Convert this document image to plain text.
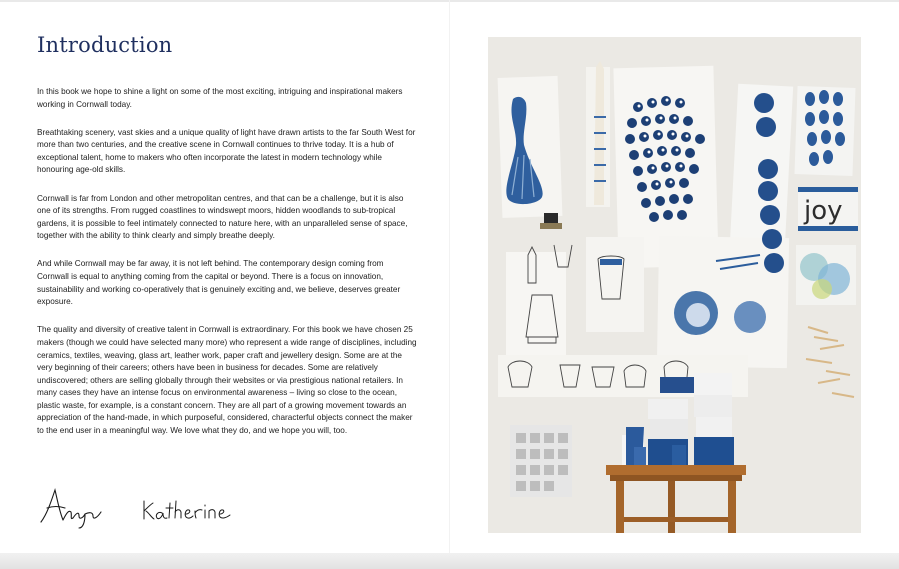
Introduction

In this book we hope to shine a light on some of the most exciting, intriguing and inspirational makers working in Cornwall today.

Breathtaking scenery, vast skies and a unique quality of light have drawn artists to the far South West for more than two centuries, and the creative scene in Cornwall continues to thrive today. It is a hub of exceptional talent, home to makers who often incorporate the latest in modern technology while honouring age-old skills.

Cornwall is far from London and other metropolitan centres, and that can be a challenge, but it is also one of its strengths. From rugged coastlines to windswept moors, hidden woodlands to sub-tropical gardens, it is possible to feel intimately connected to nature here, with an unparalleled sense of space, together with the ability to think clearly and simply breathe deeply.

And while Cornwall may be far away, it is not left behind. The contemporary design coming from Cornwall is equal to anything coming from the capital or beyond. There is a focus on innovation, sustainability and working co-operatively that is genuinely exciting and, we believe, deserves greater exposure.

The quality and diversity of creative talent in Cornwall is extraordinary. For this book we have chosen 25 makers (though we could have selected many more) who represent a wide range of disciplines, including ceramics, textiles, weaving, glass art, leather work, paper craft and jewellery design. Some are at the very beginning of their careers; others have been in business for decades. Some are relatively undiscovered; others are selling globally through their websites or via prestigious national retailers. In many cases they have an intense focus on environmental awareness – living so close to the ocean, plastic waste, for example, is a constant concern. They are all part of a growing movement towards an appreciation of the hand-made, in which purposeful, considered, characterful objects connect the maker to the end user in a meaningful way. We love what they do, and we hope you will, too.

joy
